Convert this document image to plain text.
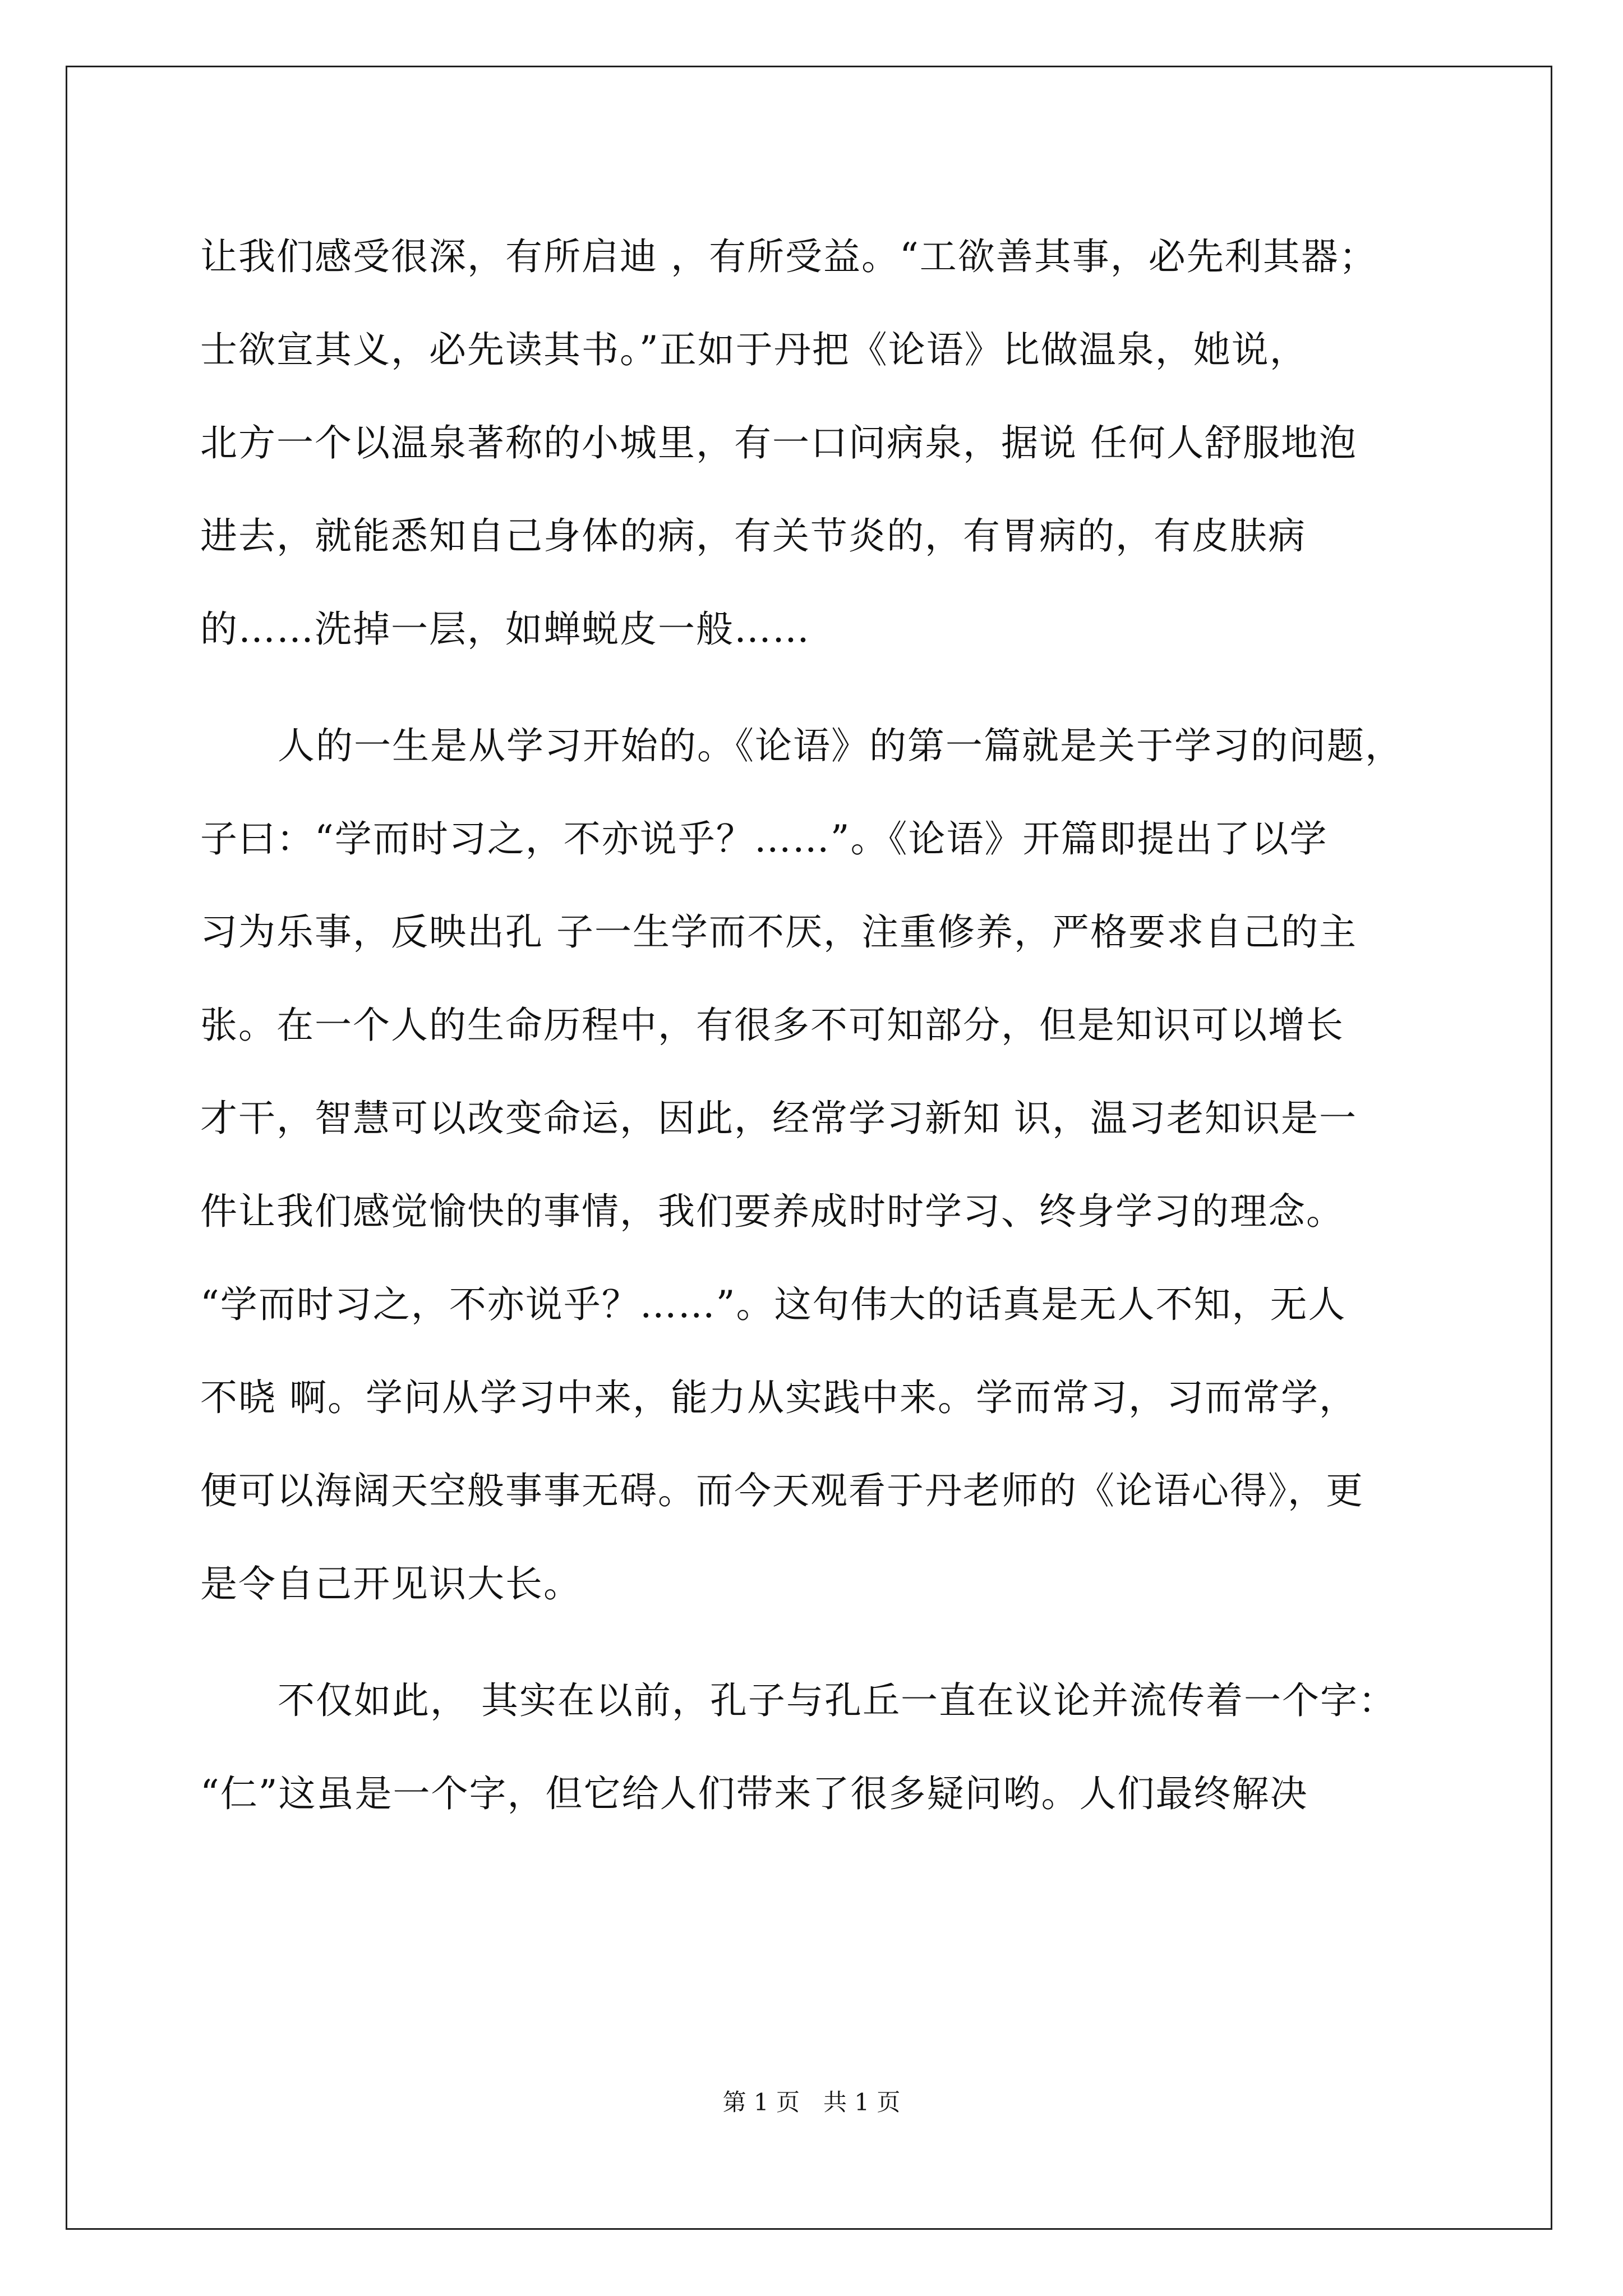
让我们感受很深，有所启迪 ，有所受益。“工欲善其事，必先利其器；
士欲宣其义，必先读其书。”正如于丹把《论语》比做温泉，她说，
北方一个以温泉著称的小城里，有一口问病泉，据说 任何人舒服地泡
进去，就能悉知自己身体的病，有关节炎的，有胃病的，有皮肤病
的……洗掉一层，如蝉蜕皮一般……
人的一生是从学习开始的。《论语》的第一篇就是关于学习的问题，
子曰：“学而时习之，不亦说乎？……”。《论语》开篇即提出了以学
习为乐事，反映出孔 子一生学而不厌，注重修养，严格要求自己的主
张。在一个人的生命历程中，有很多不可知部分，但是知识可以增长
才干，智慧可以改变命运，因此，经常学习新知 识，温习老知识是一
件让我们感觉愉快的事情，我们要养成时时学习、终身学习的理念。
“学而时习之，不亦说乎？……”。这句伟大的话真是无人不知，无人
不晓 啊。学问从学习中来，能力从实践中来。学而常习，习而常学，
便可以海阔天空般事事无碍。而今天观看于丹老师的《论语心得》，更
是令自己开见识大长。
不仅如此， 其实在以前，孔子与孔丘一直在议论并流传着一个字：
“仁”这虽是一个字，但它给人们带来了很多疑问哟。人们最终解决
第 1 页　共 1 页
